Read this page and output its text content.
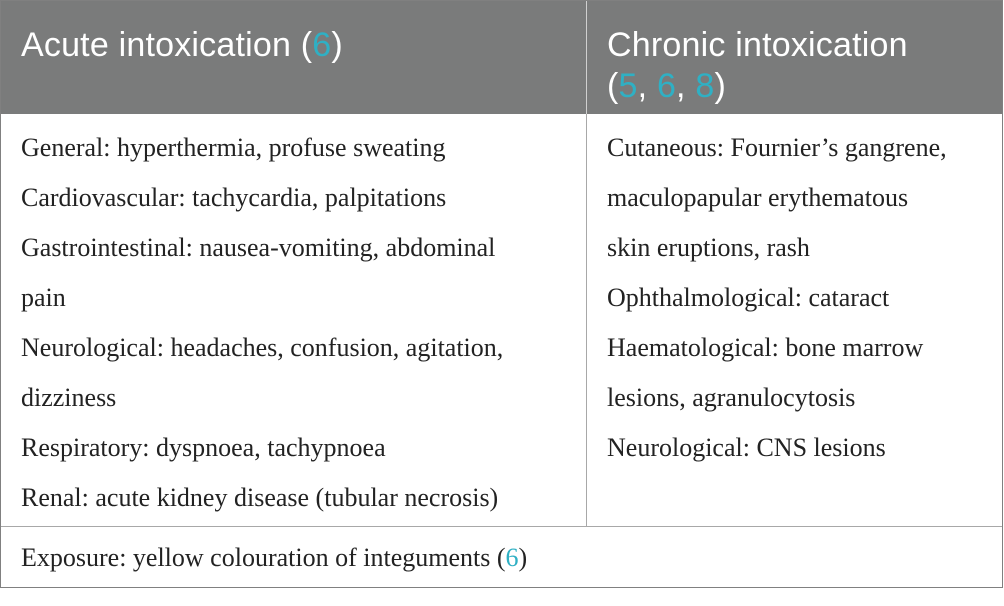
Acute intoxication (6)	Chronic intoxication
(5, 6, 8)
General: hyperthermia, profuse sweating
Cardiovascular: tachycardia, palpitations
Gastrointestinal: nausea-vomiting, abdominal
pain
Neurological: headaches, confusion, agitation,
dizziness
Respiratory: dyspnoea, tachypnoea
Renal: acute kidney disease (tubular necrosis)
Cutaneous: Fournier’s gangrene,
maculopapular erythematous
skin eruptions, rash
Ophthalmological: cataract
Haematological: bone marrow
lesions, agranulocytosis
Neurological: CNS lesions
Exposure: yellow colouration of integuments (6)
